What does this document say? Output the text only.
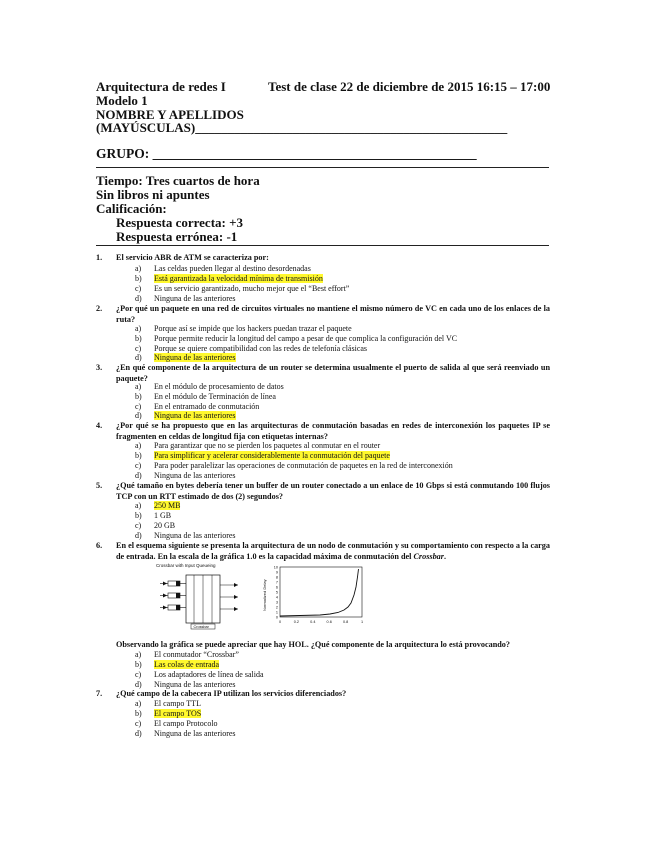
Arquitectura de redes I	Test de clase 22 de diciembre de 2015 16:15 – 17:00
Modelo 1
NOMBRE Y APELLIDOS
(MAYÚSCULAS)________________________________________________
GRUPO: ________________________________________________
Tiempo: Tres cuartos de hora
Sin libros ni apuntes
Calificación:
Respuesta correcta: +3
Respuesta errónea: -1
1. El servicio ABR de ATM se caracteriza por:
a) Las celdas pueden llegar al destino desordenadas
b) Está garantizada la velocidad mínima de transmisión
c) Es un servicio garantizado, mucho mejor que el “Best effort”
d) Ninguna de las anteriores
2. ¿Por qué un paquete en una red de circuitos virtuales no mantiene el mismo número de VC en cada uno de los enlaces de la ruta?
a) Porque así se impide que los hackers puedan trazar el paquete
b) Porque permite reducir la longitud del campo a pesar de que complica la configuración del VC
c) Porque se quiere compatibilidad con las redes de telefonía clásicas
d) Ninguna de las anteriores
3. ¿En qué componente de la arquitectura de un router se determina usualmente el puerto de salida al que será reenviado un paquete?
a) En el módulo de procesamiento de datos
b) En el módulo de Terminación de línea
c) En el entramado de conmutación
d) Ninguna de las anteriores
4. ¿Por qué se ha propuesto que en las arquitecturas de conmutación basadas en redes de interconexión los paquetes IP se fragmenten en celdas de longitud fija con etiquetas internas?
a) Para garantizar que no se pierden los paquetes al conmutar en el router
b) Para simplificar y acelerar considerablemente la conmutación del paquete
c) Para poder paralelizar las operaciones de conmutación de paquetes en la red de interconexión
d) Ninguna de las anteriores
5. ¿Qué tamaño en bytes debería tener un buffer de un router conectado a un enlace de 10 Gbps si está conmutando 100 flujos TCP con un RTT estimado de dos (2) segundos?
a) 250 MB
b) 1 GB
c) 20 GB
d) Ninguna de las anteriores
6. En el esquema siguiente se presenta la arquitectura de un nodo de conmutación y su comportamiento con respecto a la carga de entrada. En la escala de la gráfica 1.0 es la capacidad máxima de conmutación del Crossbar.
Crossbar with Input Queueing
Crossbar
Normalized Delay
10
9
8
7
6
5
4
3
2
1
0
0	0.2	0.4	0.6	0.8	1
Observando la gráfica se puede apreciar que hay HOL. ¿Qué componente de la arquitectura lo está provocando?
a) El conmutador “Crossbar”
b) Las colas de entrada
c) Los adaptadores de línea de salida
d) Ninguna de las anteriores
7. ¿Qué campo de la cabecera IP utilizan los servicios diferenciados?
a) El campo TTL
b) El campo TOS
c) El campo Protocolo
d) Ninguna de las anteriores
